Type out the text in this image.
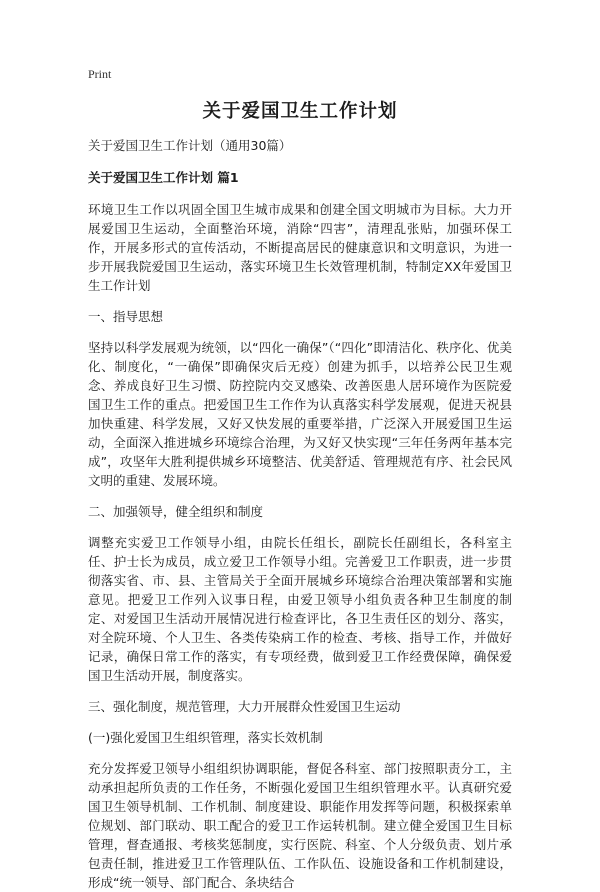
Print
关于爱国卫生工作计划
关于爱国卫生工作计划（通用30篇）
关于爱国卫生工作计划 篇1
环境卫生工作以巩固全国卫生城市成果和创建全国文明城市为目标。大力开展爱国卫生运动，全面整治环境，消除“四害”，清理乱张贴，加强环保工作，开展多形式的宣传活动，不断提高居民的健康意识和文明意识，为进一步开展我院爱国卫生运动，落实环境卫生长效管理机制，特制定XX年爱国卫生工作计划
一、指导思想
坚持以科学发展观为统领，以“四化一确保”（“四化”即清洁化、秩序化、优美化、制度化，“一确保”即确保灾后无疫）创建为抓手，以培养公民卫生观念、养成良好卫生习惯、防控院内交叉感染、改善医患人居环境作为医院爱国卫生工作的重点。把爱国卫生工作作为认真落实科学发展观，促进天祝县加快重建、科学发展，又好又快发展的重要举措，广泛深入开展爱国卫生运动，全面深入推进城乡环境综合治理，为又好又快实现“三年任务两年基本完成”，攻坚年大胜利提供城乡环境整洁、优美舒适、管理规范有序、社会民风文明的重建、发展环境。
二、加强领导，健全组织和制度
调整充实爱卫工作领导小组，由院长任组长，副院长任副组长，各科室主任、护士长为成员，成立爱卫工作领导小组。完善爱卫工作职责，进一步贯彻落实省、市、县、主管局关于全面开展城乡环境综合治理决策部署和实施意见。把爱卫工作列入议事日程，由爱卫领导小组负责各种卫生制度的制定、对爱国卫生活动开展情况进行检查评比，各卫生责任区的划分、落实，对全院环境、个人卫生、各类传染病工作的检查、考核、指导工作，并做好记录，确保日常工作的落实，有专项经费，做到爱卫工作经费保障，确保爱国卫生活动开展，制度落实。
三、强化制度，规范管理，大力开展群众性爱国卫生运动
(一)强化爱国卫生组织管理，落实长效机制
充分发挥爱卫领导小组组织协调职能，督促各科室、部门按照职责分工，主动承担起所负责的工作任务，不断强化爱国卫生组织管理水平。认真研究爱国卫生领导机制、工作机制、制度建设、职能作用发挥等问题，积极探索单位规划、部门联动、职工配合的爱卫工作运转机制。建立健全爱国卫生目标管理，督查通报、考核奖惩制度，实行医院、科室、个人分级负责、划片承包责任制，推进爱卫工作管理队伍、工作队伍、设施设备和工作机制建设，形成“统一领导、部门配合、条块结合
